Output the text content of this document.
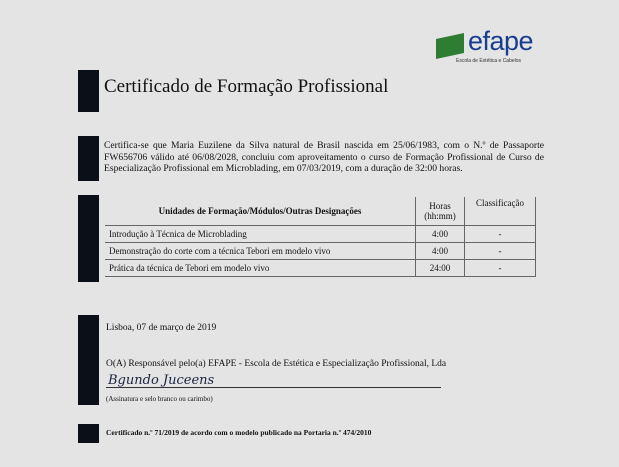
efape
Escola de Estética e Cabelos
Certificado de Formação Profissional
Certifica-se que Maria Euzilene da Silva natural de Brasil nascida em 25/06/1983, com o N.º de Passaporte FW656706 válido até 06/08/2028, concluiu com aproveitamento o curso de Formação Profissional de Curso de Especialização Profissional em Microblading, em 07/03/2019, com a duração de 32:00 horas.
Unidades de Formação/Módulos/Outras Designações	Horas (hh:mm)	Classificação
Introdução à Técnica de Microblading	4:00	-
Demonstração do corte com a técnica Tebori em modelo vivo	4:00	-
Prática da técnica de Tebori em modelo vivo	24:00	-
Lisboa, 07 de março de 2019
O(A) Responsável pelo(a) EFAPE - Escola de Estética e Especialização Profissional, Lda
Bgundo Juceens
(Assinatura e selo branco ou carimbo)
Certificado n.º 71/2019 de acordo com o modelo publicado na Portaria n.º 474/2010
